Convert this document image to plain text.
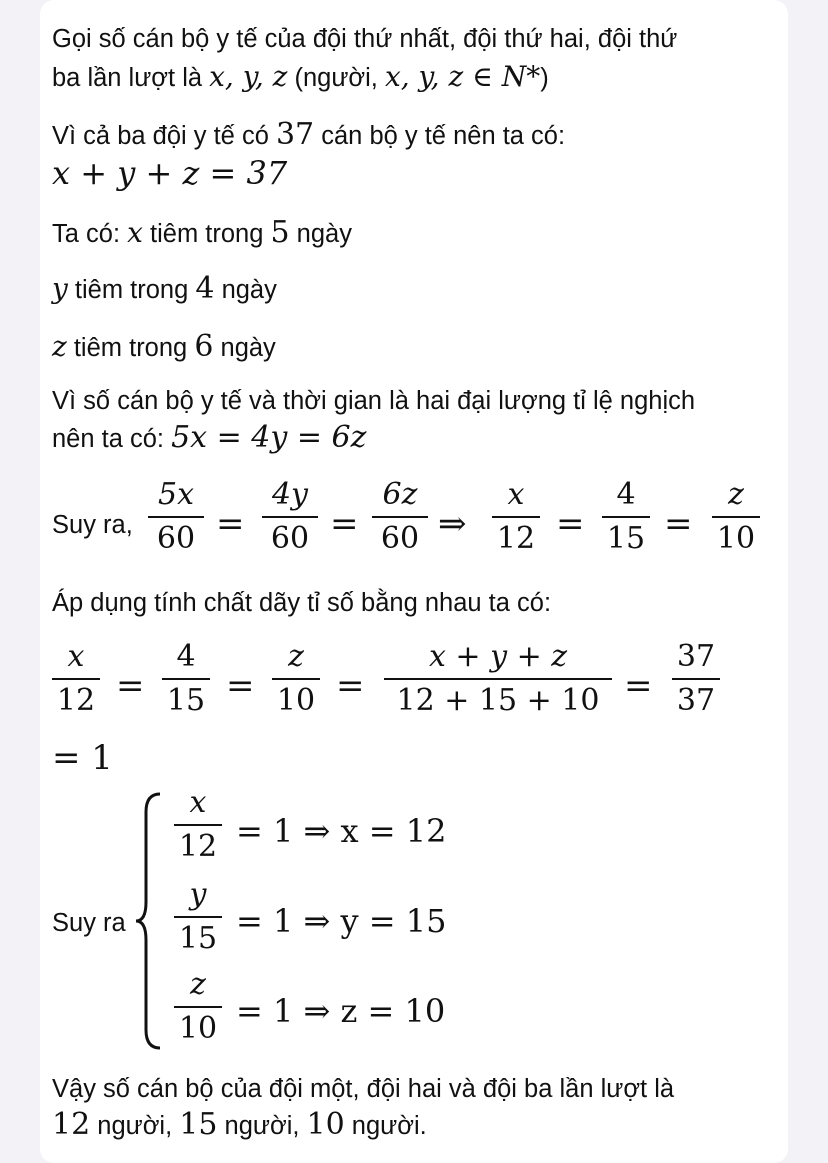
Gọi số cán bộ y tế của đội thứ nhất, đội thứ hai, đội thứ
ba lần lượt là x, y, z (người, x, y, z ∈ N*)
Vì cả ba đội y tế có 37 cán bộ y tế nên ta có:
x + y + z = 37
Ta có: x tiêm trong 5 ngày
y tiêm trong 4 ngày
z tiêm trong 6 ngày
Vì số cán bộ y tế và thời gian là hai đại lượng tỉ lệ nghịch
nên ta có: 5x = 4y = 6z
Suy ra,
5x
60 =
4y
60 =
6z
60 ⇒
x
12 =
4
15 =
z
10
Áp dụng tính chất dãy tỉ số bằng nhau ta có:
x
12 =
4
15 =
z
10 =
x + y + z
12 + 15 + 10 =
37
37
= 1
Suy ra
x
12 = 1 ⇒ x = 12
y
15 = 1 ⇒ y = 15
z
10 = 1 ⇒ z = 10
Vậy số cán bộ của đội một, đội hai và đội ba lần lượt là
12 người, 15 người, 10 người.
